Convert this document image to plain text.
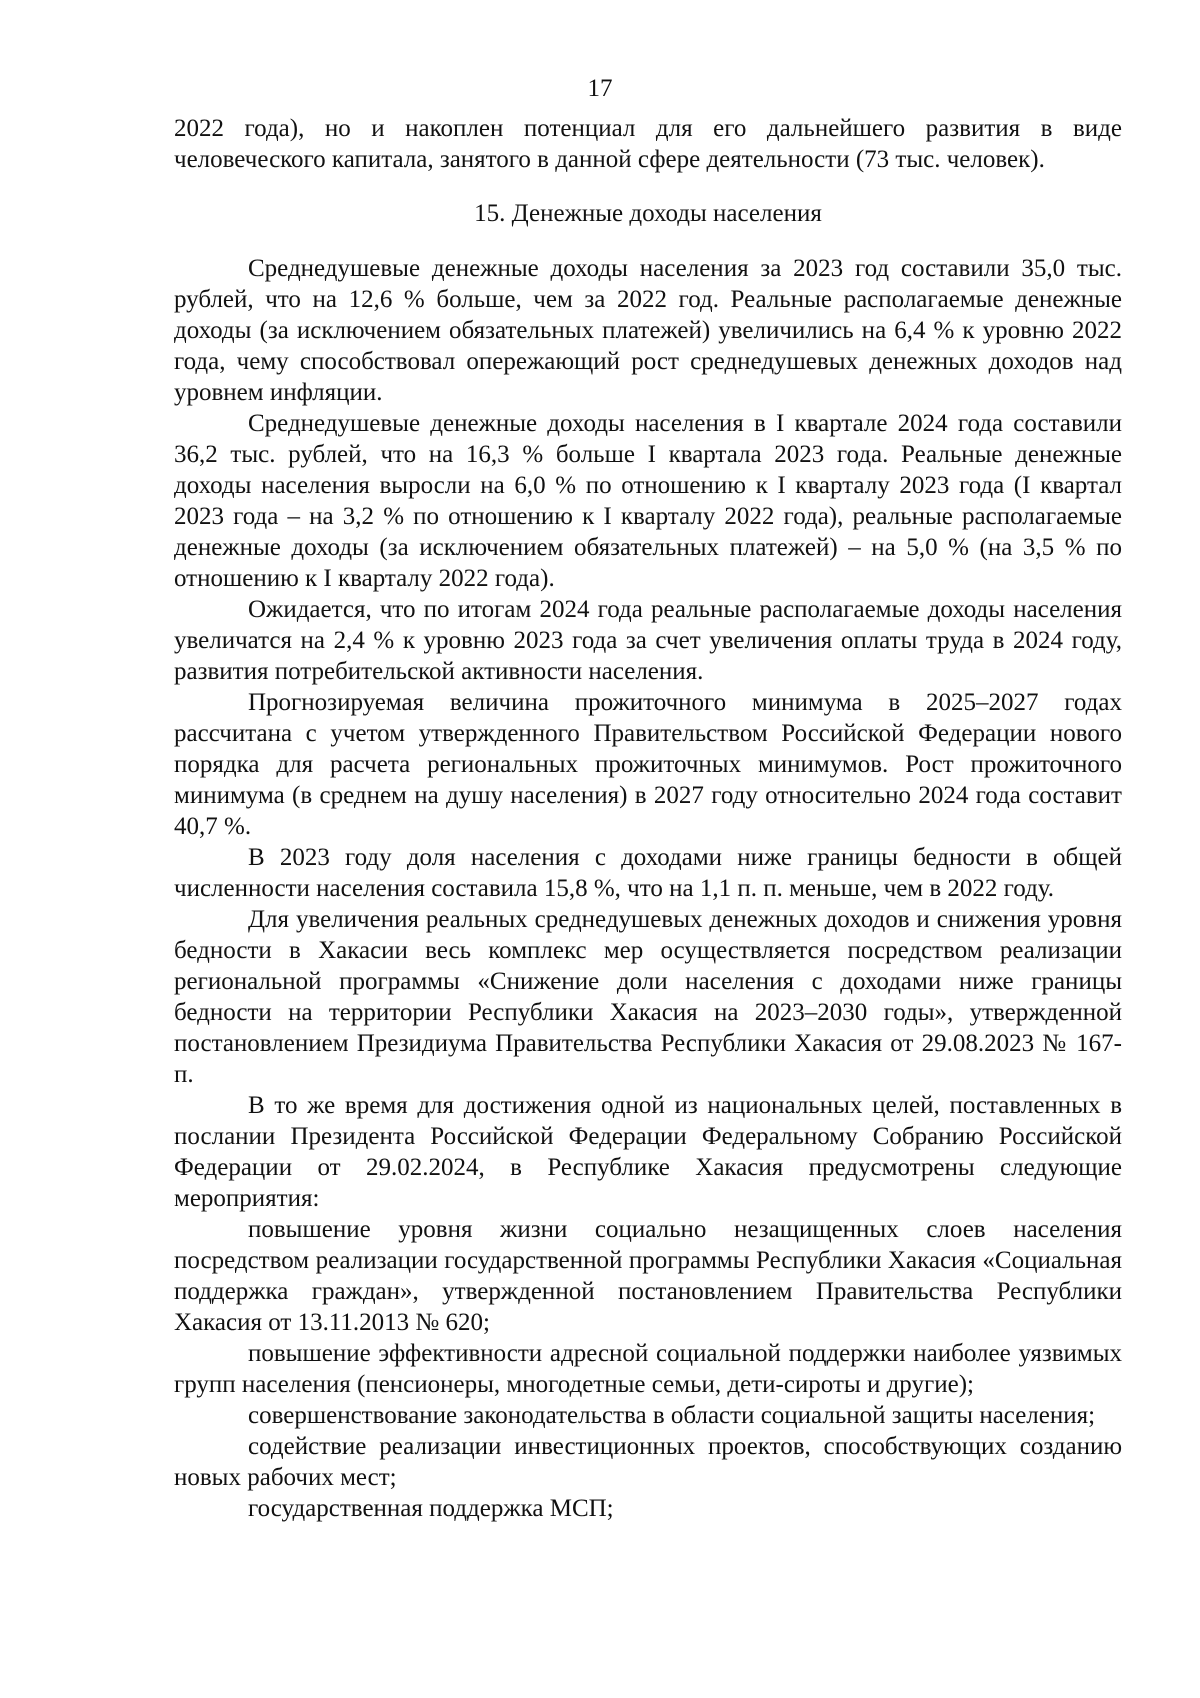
17

2022 года), но и накоплен потенциал для его дальнейшего развития в виде человеческого капитала, занятого в данной сфере деятельности (73 тыс. человек).

15. Денежные доходы населения

Среднедушевые денежные доходы населения за 2023 год составили 35,0 тыс. рублей, что на 12,6 % больше, чем за 2022 год. Реальные располагаемые денежные доходы (за исключением обязательных платежей) увеличились на 6,4 % к уровню 2022 года, чему способствовал опережающий рост среднедушевых денежных доходов над уровнем инфляции.

Среднедушевые денежные доходы населения в I квартале 2024 года составили 36,2 тыс. рублей, что на 16,3 % больше I квартала 2023 года. Реальные денежные доходы населения выросли на 6,0 % по отношению к I кварталу 2023 года (I квартал 2023 года – на 3,2 % по отношению к I кварталу 2022 года), реальные располагаемые денежные доходы (за исключением обязательных платежей) – на 5,0 % (на 3,5 % по отношению к I кварталу 2022 года).

Ожидается, что по итогам 2024 года реальные располагаемые доходы населения увеличатся на 2,4 % к уровню 2023 года за счет увеличения оплаты труда в 2024 году, развития потребительской активности населения.

Прогнозируемая величина прожиточного минимума в 2025–2027 годах рассчитана с учетом утвержденного Правительством Российской Федерации нового порядка для расчета региональных прожиточных минимумов. Рост прожиточного минимума (в среднем на душу населения) в 2027 году относительно 2024 года составит 40,7 %.

В 2023 году доля населения с доходами ниже границы бедности в общей численности населения составила 15,8 %, что на 1,1 п. п. меньше, чем в 2022 году.

Для увеличения реальных среднедушевых денежных доходов и снижения уровня бедности в Хакасии весь комплекс мер осуществляется посредством реализации региональной программы «Снижение доли населения с доходами ниже границы бедности на территории Республики Хакасия на 2023–2030 годы», утвержденной постановлением Президиума Правительства Республики Хакасия от 29.08.2023 № 167-п.

В то же время для достижения одной из национальных целей, поставленных в послании Президента Российской Федерации Федеральному Собранию Российской Федерации от 29.02.2024, в Республике Хакасия предусмотрены следующие мероприятия:

повышение уровня жизни социально незащищенных слоев населения посредством реализации государственной программы Республики Хакасия «Социальная поддержка граждан», утвержденной постановлением Правительства Республики Хакасия от 13.11.2013 № 620;

повышение эффективности адресной социальной поддержки наиболее уязвимых групп населения (пенсионеры, многодетные семьи, дети-сироты и другие);

совершенствование законодательства в области социальной защиты населения;

содействие реализации инвестиционных проектов, способствующих созданию новых рабочих мест;

государственная поддержка МСП;
